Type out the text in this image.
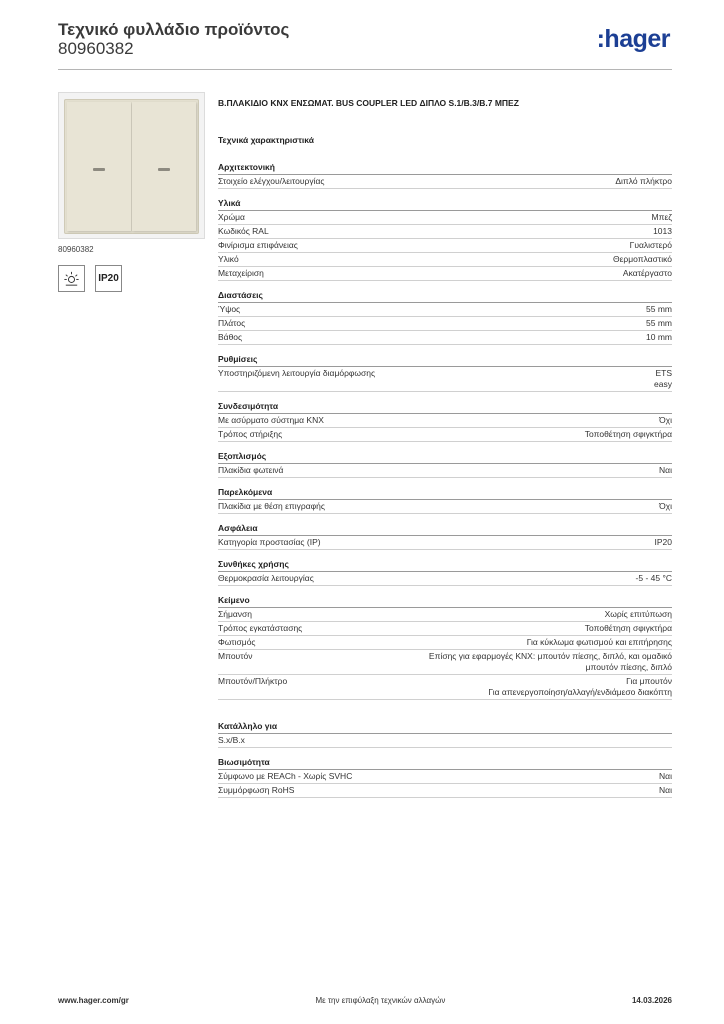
Τεχνικό φυλλάδιο προϊόντος
80960382	:hager
80960382
IP20
Β.ΠΛΑΚΙΔΙΟ KNX ΕΝΣΩΜΑΤ. BUS COUPLER LED ΔΙΠΛΟ S.1/B.3/B.7 ΜΠΕΖ
Τεχνικά χαρακτηριστικά
Αρχιτεκτονική
Στοιχείο ελέγχου/λειτουργίας	Διπλό πλήκτρο
Υλικά
Χρώμα	Μπεζ
Κωδικός RAL	1013
Φινίρισμα επιφάνειας	Γυαλιστερό
Υλικό	Θερμοπλαστικό
Μεταχείριση	Ακατέργαστο
Διαστάσεις
Ύψος	55 mm
Πλάτος	55 mm
Βάθος	10 mm
Ρυθμίσεις
Υποστηριζόμενη λειτουργία διαμόρφωσης	ETS
easy
Συνδεσιμότητα
Με ασύρματο σύστημα KNX	Όχι
Τρόπος στήριξης	Τοποθέτηση σφιγκτήρα
Εξοπλισμός
Πλακίδια φωτεινά	Ναι
Παρελκόμενα
Πλακίδια με θέση επιγραφής	Όχι
Ασφάλεια
Κατηγορία προστασίας (IP)	IP20
Συνθήκες χρήσης
Θερμοκρασία λειτουργίας	-5 - 45 °C
Κείμενο
Σήμανση	Χωρίς επιτύπωση
Τρόπος εγκατάστασης	Τοποθέτηση σφιγκτήρα
Φωτισμός	Για κύκλωμα φωτισμού και επιτήρησης
Μπουτόν	Επίσης για εφαρμογές KNX: μπουτόν πίεσης, διπλό, και ομαδικό
μπουτόν πίεσης, διπλό
Μπουτόν/Πλήκτρο	Για μπουτόν
Για απενεργοποίηση/αλλαγή/ενδιάμεσο διακόπτη
Κατάλληλο για
S.x/B.x
Βιωσιμότητα
Σύμφωνο με REACh - Χωρίς SVHC	Ναι
Συμμόρφωση RoHS	Ναι
www.hager.com/gr	Με την επιφύλαξη τεχνικών αλλαγών	14.03.2026
